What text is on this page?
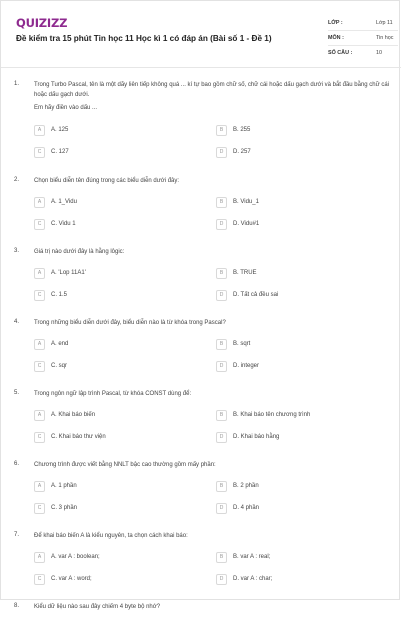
QUIZIZZ
Đề kiểm tra 15 phút Tin học 11 Học kì 1 có đáp án (Bài số 1 - Đề 1)
LỚP :	Lớp 11
MÔN :	Tin học
SỐ CÂU :	10
1. Trong Turbo Pascal, tên là một dãy liên tiếp không quá ... kí tự bao gồm chữ số, chữ cái hoặc dấu gạch dưới và bắt đầu bằng chữ cái hoặc dấu gạch dưới.
Em hãy điền vào dấu ...
A	A. 125	B	B. 255
C	C. 127	D	D. 257
2. Chọn biểu diễn tên đúng trong các biểu diễn dưới đây:
A	A. 1_Vidu	B	B. Vidu_1
C	C. Vidu 1	D	D. Vidu#1
3. Giá trị nào dưới đây là hằng lôgic:
A	A. 'Lop 11A1'	B	B. TRUE
C	C. 1.5	D	D. Tất cả đều sai
4. Trong những biểu diễn dưới đây, biểu diễn nào là từ khóa trong Pascal?
A	A. end	B	B. sqrt
C	C. sqr	D	D. integer
5. Trong ngôn ngữ lập trình Pascal, từ khóa CONST dùng để:
A	A. Khai báo biến	B	B. Khai báo tên chương trình
C	C. Khai báo thư viện	D	D. Khai báo hằng
6. Chương trình được viết bằng NNLT bậc cao thường gồm mấy phần:
A	A. 1 phần	B	B. 2 phần
C	C. 3 phần	D	D. 4 phần
7. Để khai báo biến A là kiểu nguyên, ta chọn cách khai báo:
A	A. var A : boolean;	B	B. var A : real;
C	C. var A : word;	D	D. var A : char;
8. Kiểu dữ liệu nào sau đây chiếm 4 byte bộ nhớ?
